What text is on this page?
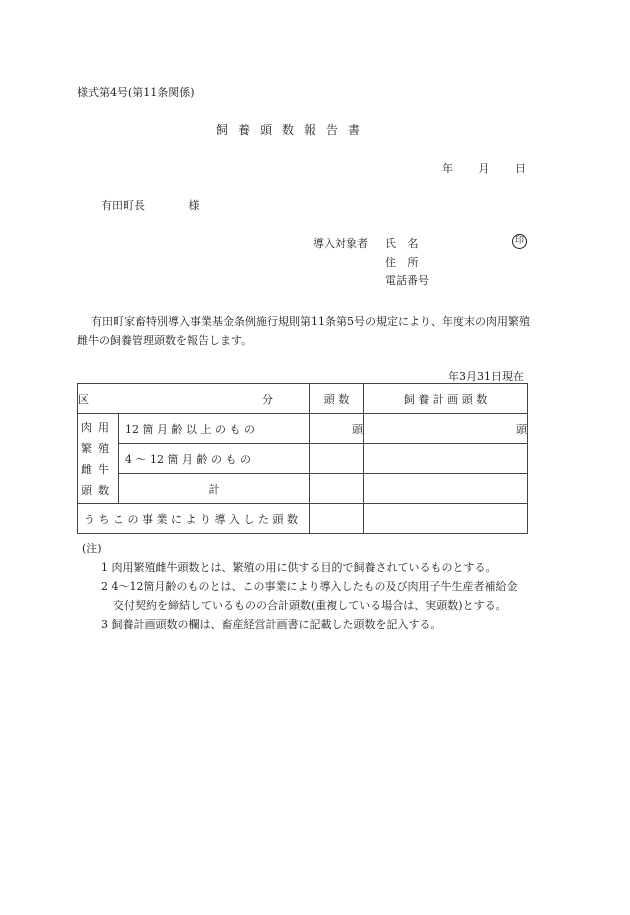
様式第4号(第11条関係)
飼養頭数報告書
年 月 日
有田町長 様
導入対象者 氏 名	印
住 所
電話番号
有田町家畜特別導入事業基金条例施行規則第11条第5号の規定により、年度末の肉用繁殖雌牛の飼養管理頭数を報告します。
年3月31日現在
区 分		頭 数	飼 養 計 画 頭 数

肉用
繁殖
雌牛
頭数	12 箇 月 齢 以 上 の も の	頭	頭
	4 〜 12 箇 月 齢 の も の		
	計		
う ち こ の 事 業 に よ り 導 入 し た 頭 数			
(注)
1 肉用繁殖雌牛頭数とは、繁殖の用に供する目的で飼養されているものとする。
2 4〜12箇月齢のものとは、この事業により導入したもの及び肉用子牛生産者補給金
交付契約を締結しているものの合計頭数(重複している場合は、実頭数)とする。
3 飼養計画頭数の欄は、畜産経営計画書に記載した頭数を記入する。
